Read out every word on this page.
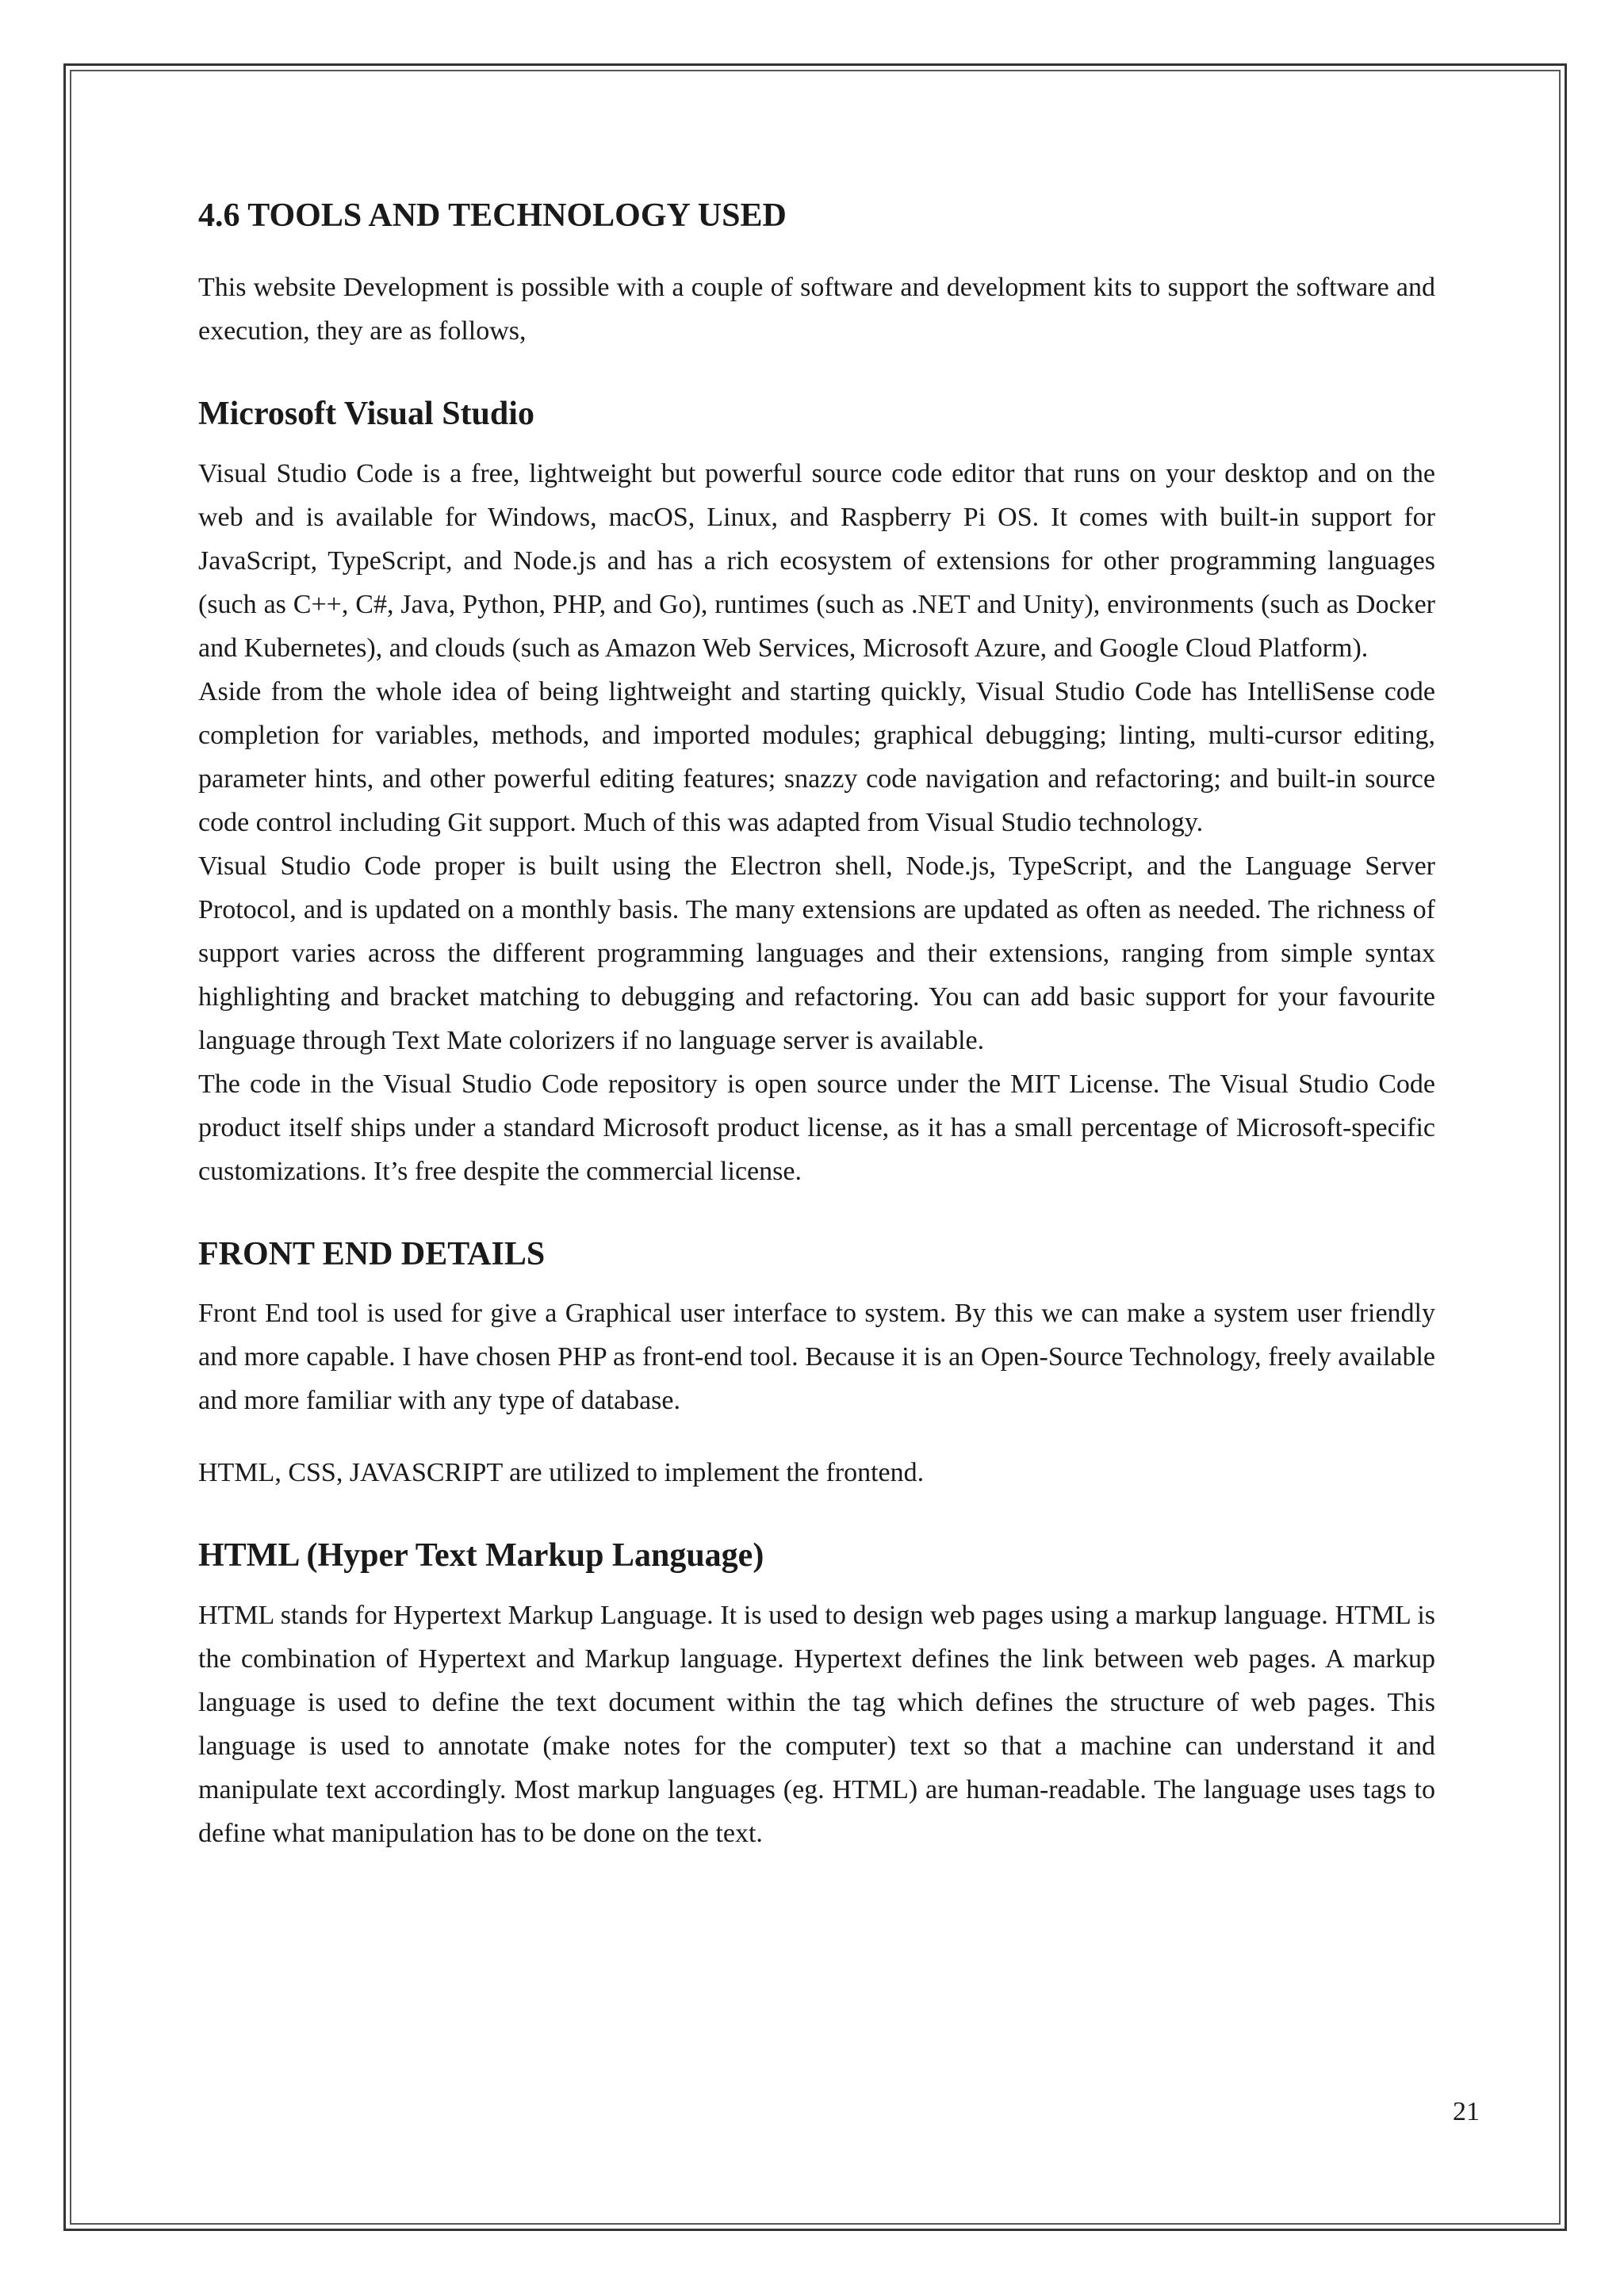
4.6 TOOLS AND TECHNOLOGY USED

This website Development is possible with a couple of software and development kits to support the software and execution, they are as follows,

Microsoft Visual Studio

Visual Studio Code is a free, lightweight but powerful source code editor that runs on your desktop and on the web and is available for Windows, macOS, Linux, and Raspberry Pi OS. It comes with built-in support for JavaScript, TypeScript, and Node.js and has a rich ecosystem of extensions for other programming languages (such as C++, C#, Java, Python, PHP, and Go), runtimes (such as .NET and Unity), environments (such as Docker and Kubernetes), and clouds (such as Amazon Web Services, Microsoft Azure, and Google Cloud Platform).

Aside from the whole idea of being lightweight and starting quickly, Visual Studio Code has IntelliSense code completion for variables, methods, and imported modules; graphical debugging; linting, multi-cursor editing, parameter hints, and other powerful editing features; snazzy code navigation and refactoring; and built-in source code control including Git support. Much of this was adapted from Visual Studio technology.

Visual Studio Code proper is built using the Electron shell, Node.js, TypeScript, and the Language Server Protocol, and is updated on a monthly basis. The many extensions are updated as often as needed. The richness of support varies across the different programming languages and their extensions, ranging from simple syntax highlighting and bracket matching to debugging and refactoring. You can add basic support for your favourite language through Text Mate colorizers if no language server is available.

The code in the Visual Studio Code repository is open source under the MIT License. The Visual Studio Code product itself ships under a standard Microsoft product license, as it has a small percentage of Microsoft-specific customizations. It’s free despite the commercial license.

FRONT END DETAILS

Front End tool is used for give a Graphical user interface to system. By this we can make a system user friendly and more capable. I have chosen PHP as front-end tool. Because it is an Open-Source Technology, freely available and more familiar with any type of database.

HTML, CSS, JAVASCRIPT are utilized to implement the frontend.

HTML (Hyper Text Markup Language)

HTML stands for Hypertext Markup Language. It is used to design web pages using a markup language. HTML is the combination of Hypertext and Markup language. Hypertext defines the link between web pages. A markup language is used to define the text document within the tag which defines the structure of web pages. This language is used to annotate (make notes for the computer) text so that a machine can understand it and manipulate text accordingly. Most markup languages (eg. HTML) are human-readable. The language uses tags to define what manipulation has to be done on the text.

21
